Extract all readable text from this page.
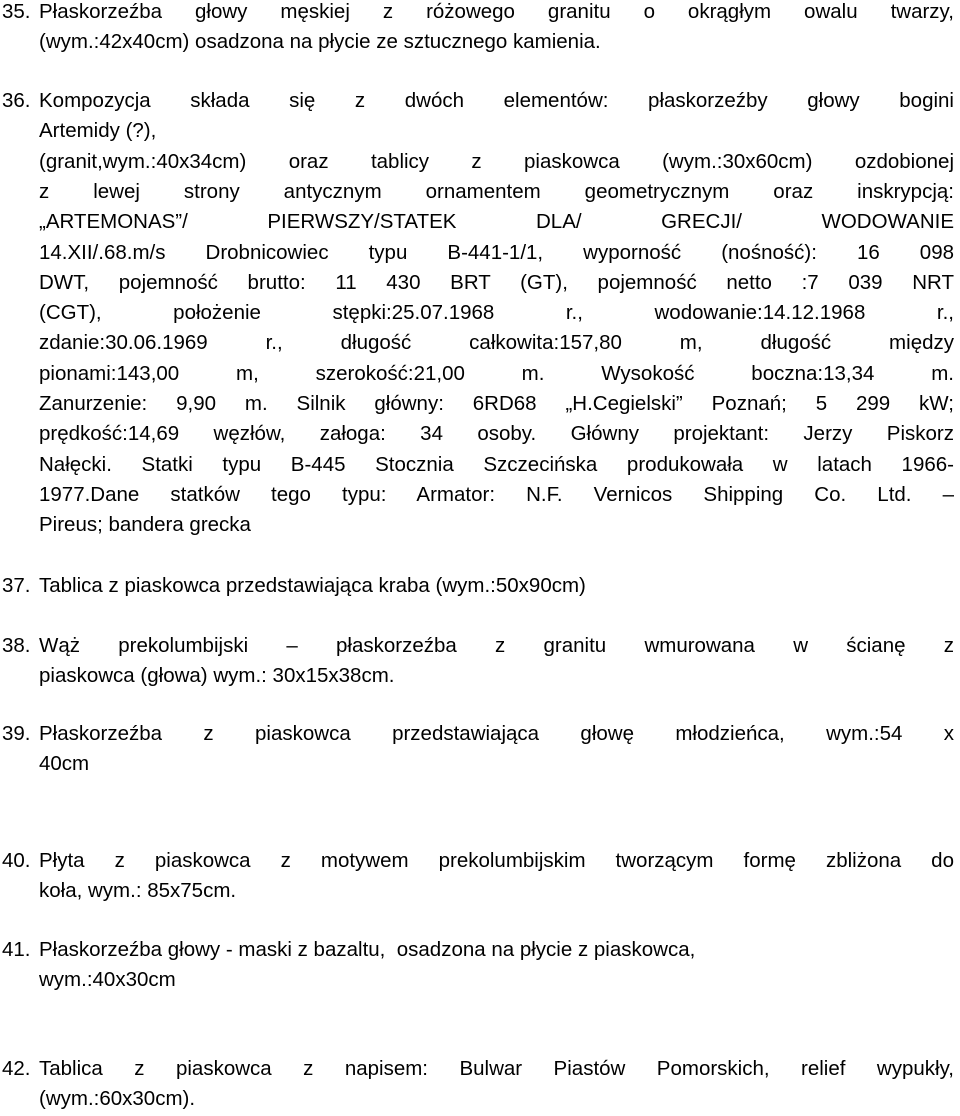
35. Płaskorzeźba głowy męskiej z różowego granitu o okrągłym owalu twarzy,
(wym.:42x40cm) osadzona na płycie ze sztucznego kamienia.
36. Kompozycja składa się z dwóch elementów: płaskorzeźby głowy bogini
Artemidy (?),
(granit,wym.:40x34cm) oraz tablicy z piaskowca (wym.:30x60cm) ozdobionej
z lewej strony antycznym ornamentem geometrycznym oraz inskrypcją:
„ARTEMONAS”/ PIERWSZY/STATEK DLA/ GRECJI/ WODOWANIE
14.XII/.68.m/s Drobnicowiec typu B-441-1/1, wyporność (nośność): 16 098
DWT, pojemność brutto: 11 430 BRT (GT), pojemność netto :7 039 NRT
(CGT), położenie stępki:25.07.1968 r., wodowanie:14.12.1968 r.,
zdanie:30.06.1969 r., długość całkowita:157,80 m, długość między
pionami:143,00 m, szerokość:21,00 m. Wysokość boczna:13,34 m.
Zanurzenie: 9,90 m. Silnik główny: 6RD68 „H.Cegielski” Poznań; 5 299 kW;
prędkość:14,69 węzłów, załoga: 34 osoby. Główny projektant: Jerzy Piskorz
Nałęcki. Statki typu B-445 Stocznia Szczecińska produkowała w latach 1966-
1977.Dane statków tego typu: Armator: N.F. Vernicos Shipping Co. Ltd. –
Pireus; bandera grecka
37. Tablica z piaskowca przedstawiająca kraba (wym.:50x90cm)
38. Wąż prekolumbijski – płaskorzeźba z granitu wmurowana w ścianę z
piaskowca (głowa) wym.: 30x15x38cm.
39. Płaskorzeźba z piaskowca przedstawiająca głowę młodzieńca, wym.:54 x
40cm
40. Płyta z piaskowca z motywem prekolumbijskim tworzącym formę zbliżona do
koła, wym.: 85x75cm.
41. Płaskorzeźba głowy - maski z bazaltu,  osadzona na płycie z piaskowca,
wym.:40x30cm
42. Tablica z piaskowca z napisem: Bulwar Piastów Pomorskich, relief wypukły,
(wym.:60x30cm).
